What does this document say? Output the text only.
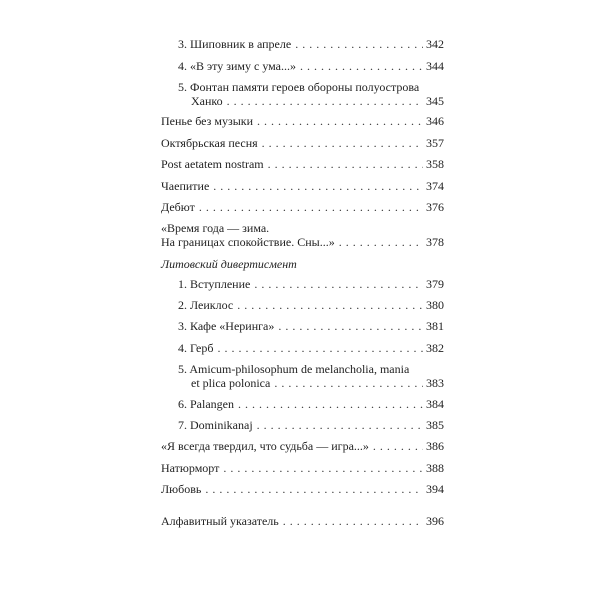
3. Шиповник в апреле . . .	342
4. «В эту зиму с ума...» . . .	344
5. Фонтан памяти героев обороны полуострова
Ханко . . .	345
Пенье без музыки . . .	346
Октябрьская песня . . .	357
Post aetatem nostram . . .	358
Чаепитие . . .	374
Дебют . . .	376
«Время года — зима.
На границах спокойствие. Сны...» . . .	378
Литовский дивертисмент
1. Вступление . . .	379
2. Леиклос . . .	380
3. Кафе «Неринга» . . .	381
4. Герб . . .	382
5. Amicum-philosophum de melancholia, mania
et plica polonica . . .	383
6. Palangen . . .	384
7. Dominikanaj . . .	385
«Я всегда твердил, что судьба — игра...» . . .	386
Натюрморт . . .	388
Любовь . . .	394
Алфавитный указатель . . .	396
